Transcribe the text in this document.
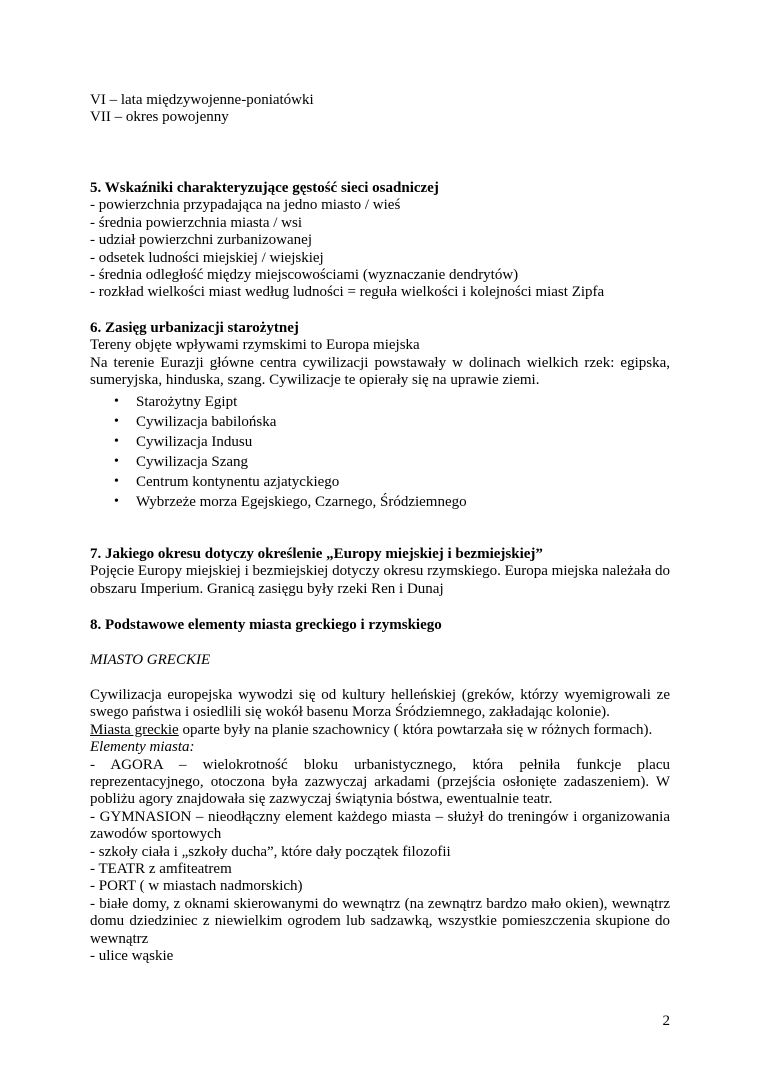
VI – lata międzywojenne-poniatówki
VII – okres powojenny
5. Wskaźniki charakteryzujące gęstość sieci osadniczej
- powierzchnia przypadająca na jedno miasto / wieś
- średnia powierzchnia miasta / wsi
- udział powierzchni zurbanizowanej
- odsetek ludności miejskiej / wiejskiej
- średnia odległość między miejscowościami (wyznaczanie dendrytów)
- rozkład wielkości miast według ludności = reguła wielkości i kolejności miast Zipfa
6. Zasięg urbanizacji starożytnej
Tereny objęte wpływami rzymskimi to Europa miejska

Na terenie Eurazji główne centra cywilizacji powstawały w dolinach wielkich rzek: egipska, sumeryjska, hinduska, szang. Cywilizacje te opierały się na uprawie ziemi.

• Starożytny Egipt
• Cywilizacja babilońska
• Cywilizacja Indusu
• Cywilizacja Szang
• Centrum kontynentu azjatyckiego
• Wybrzeże morza Egejskiego, Czarnego, Śródziemnego
7. Jakiego okresu dotyczy określenie „Europy miejskiej i bezmiejskiej”

Pojęcie Europy miejskiej i bezmiejskiej dotyczy okresu rzymskiego. Europa miejska należała do obszaru Imperium. Granicą zasięgu były rzeki Ren i Dunaj

8. Podstawowe elementy miasta greckiego i rzymskiego
MIASTO GRECKIE

Cywilizacja europejska wywodzi się od kultury helleńskiej (greków, którzy wyemigrowali ze swego państwa i osiedlili się wokół basenu Morza Śródziemnego, zakładając kolonie).

Miasta greckie oparte były na planie szachownicy ( która powtarzała się w różnych formach).

Elementy miasta:

- AGORA – wielokrotność bloku urbanistycznego, która pełniła funkcje placu reprezentacyjnego, otoczona była zazwyczaj arkadami (przejścia osłonięte zadaszeniem). W pobliżu agory znajdowała się zazwyczaj świątynia bóstwa, ewentualnie teatr.

- GYMNASION – nieodłączny element każdego miasta – służył do treningów i organizowania zawodów sportowych

- szkoły ciała i „szkoły ducha”, które dały początek filozofii
- TEATR z amfiteatrem
- PORT ( w miastach nadmorskich)

- białe domy, z oknami skierowanymi do wewnątrz (na zewnątrz bardzo mało okien), wewnątrz domu dziedziniec z niewielkim ogrodem lub sadzawką, wszystkie pomieszczenia skupione do wewnątrz

- ulice wąskie
2
